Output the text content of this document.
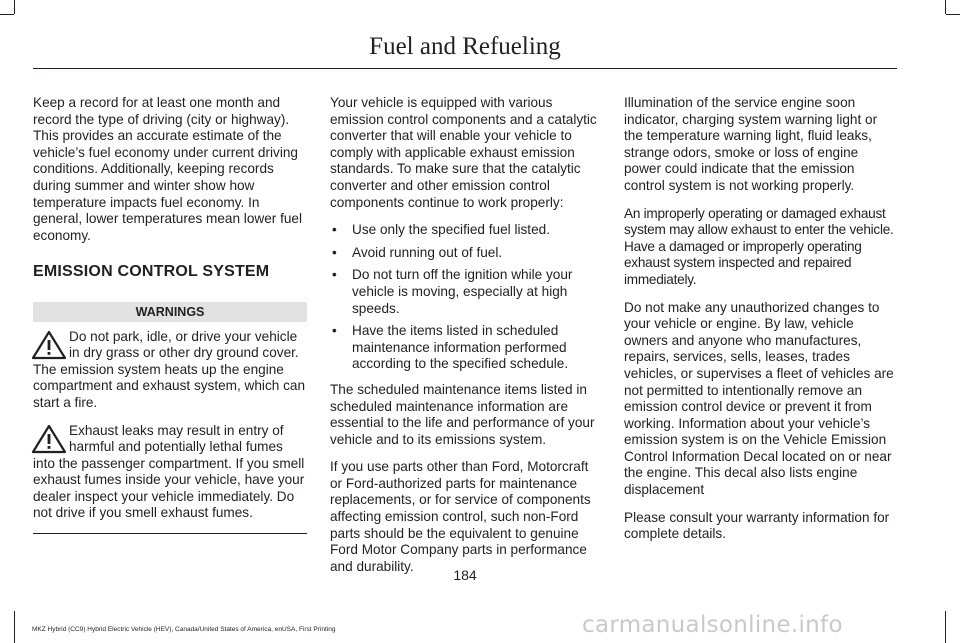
Fuel and Refueling

Keep a record for at least one month and record the type of driving (city or highway). This provides an accurate estimate of the vehicle’s fuel economy under current driving conditions. Additionally, keeping records during summer and winter show how temperature impacts fuel economy. In general, lower temperatures mean lower fuel economy.

EMISSION CONTROL SYSTEM
WARNINGS

Do not park, idle, or drive your vehicle in dry grass or other dry ground cover. The emission system heats up the engine compartment and exhaust system, which can start a fire.

Exhaust leaks may result in entry of harmful and potentially lethal fumes into the passenger compartment. If you smell exhaust fumes inside your vehicle, have your dealer inspect your vehicle immediately. Do not drive if you smell exhaust fumes.

Your vehicle is equipped with various emission control components and a catalytic converter that will enable your vehicle to comply with applicable exhaust emission standards. To make sure that the catalytic converter and other emission control components continue to work properly:

• Use only the specified fuel listed.
• Avoid running out of fuel.
• Do not turn off the ignition while your vehicle is moving, especially at high speeds.
• Have the items listed in scheduled maintenance information performed according to the specified schedule.

The scheduled maintenance items listed in scheduled maintenance information are essential to the life and performance of your vehicle and to its emissions system.

If you use parts other than Ford, Motorcraft or Ford-authorized parts for maintenance replacements, or for service of components affecting emission control, such non-Ford parts should be the equivalent to genuine Ford Motor Company parts in performance and durability.

Illumination of the service engine soon indicator, charging system warning light or the temperature warning light, fluid leaks, strange odors, smoke or loss of engine power could indicate that the emission control system is not working properly.

An improperly operating or damaged exhaust system may allow exhaust to enter the vehicle. Have a damaged or improperly operating exhaust system inspected and repaired immediately.

Do not make any unauthorized changes to your vehicle or engine. By law, vehicle owners and anyone who manufactures, repairs, services, sells, leases, trades vehicles, or supervises a fleet of vehicles are not permitted to intentionally remove an emission control device or prevent it from working. Information about your vehicle’s emission system is on the Vehicle Emission Control Information Decal located on or near the engine. This decal also lists engine displacement

Please consult your warranty information for complete details.

184
MKZ Hybrid (CC9) Hybrid Electric Vehicle (HEV), Canada/United States of America, enUSA, First Printing	carmanualsonline.info
